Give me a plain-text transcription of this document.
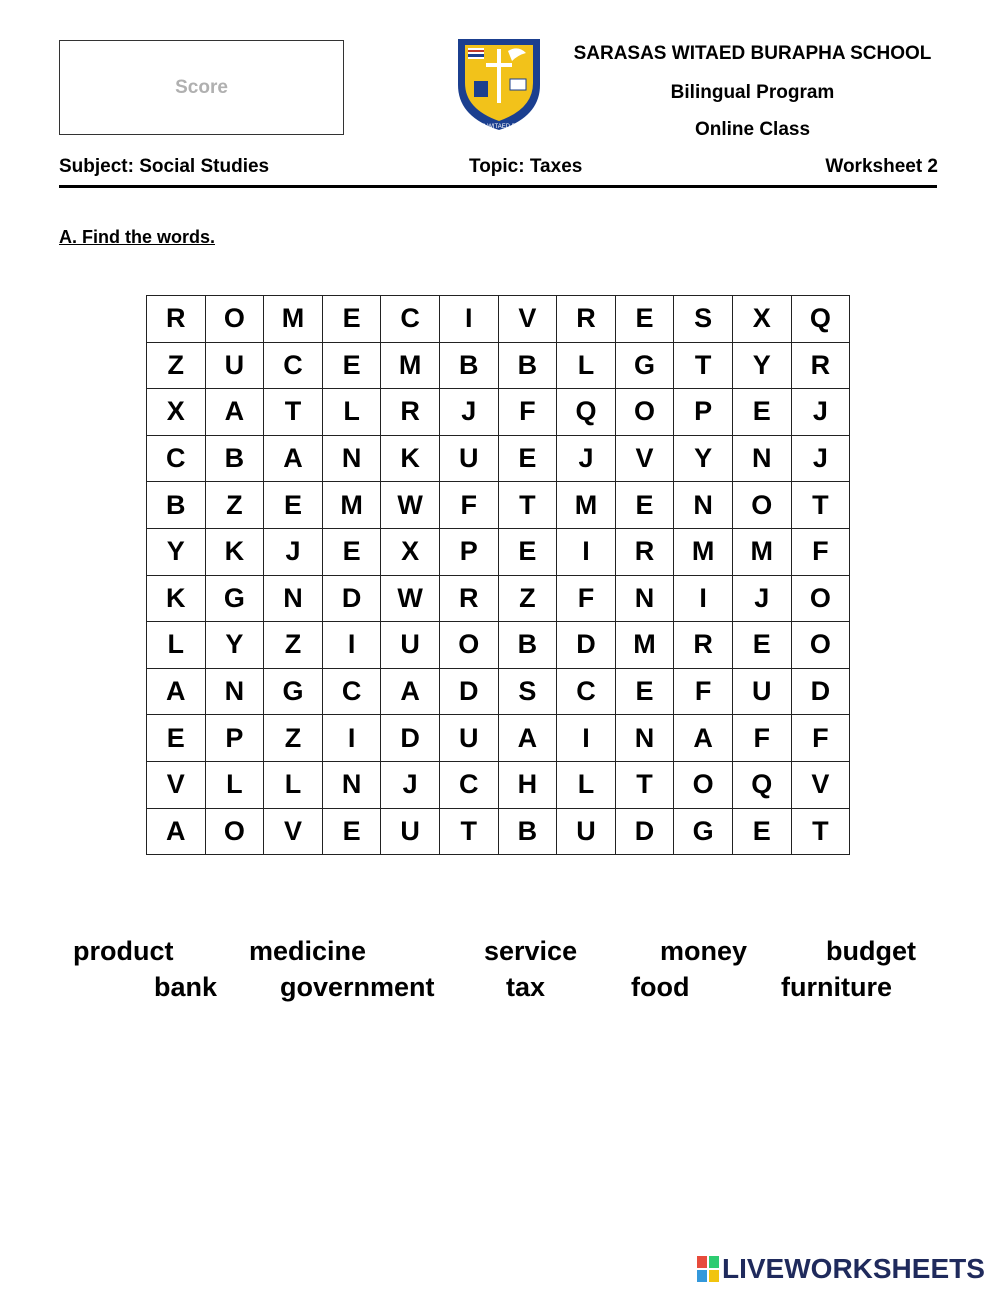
Score
SARASAS WITAED BURAPHA
SARASAS WITAED BURAPHA SCHOOL
Bilingual Program
Online Class
Subject: Social Studies	Topic: Taxes	Worksheet 2
A. Find the words.
R	O	M	E	C	I	V	R	E	S	X	Q
Z	U	C	E	M	B	B	L	G	T	Y	R
X	A	T	L	R	J	F	Q	O	P	E	J
C	B	A	N	K	U	E	J	V	Y	N	J
B	Z	E	M	W	F	T	M	E	N	O	T
Y	K	J	E	X	P	E	I	R	M	M	F
K	G	N	D	W	R	Z	F	N	I	J	O
L	Y	Z	I	U	O	B	D	M	R	E	O
A	N	G	C	A	D	S	C	E	F	U	D
E	P	Z	I	D	U	A	I	N	A	F	F
V	L	L	N	J	C	H	L	T	O	Q	V
A	O	V	E	U	T	B	U	D	G	E	T
product	medicine	service	money	budget
bank government	tax	food	furniture
LIVEWORKSHEETS
